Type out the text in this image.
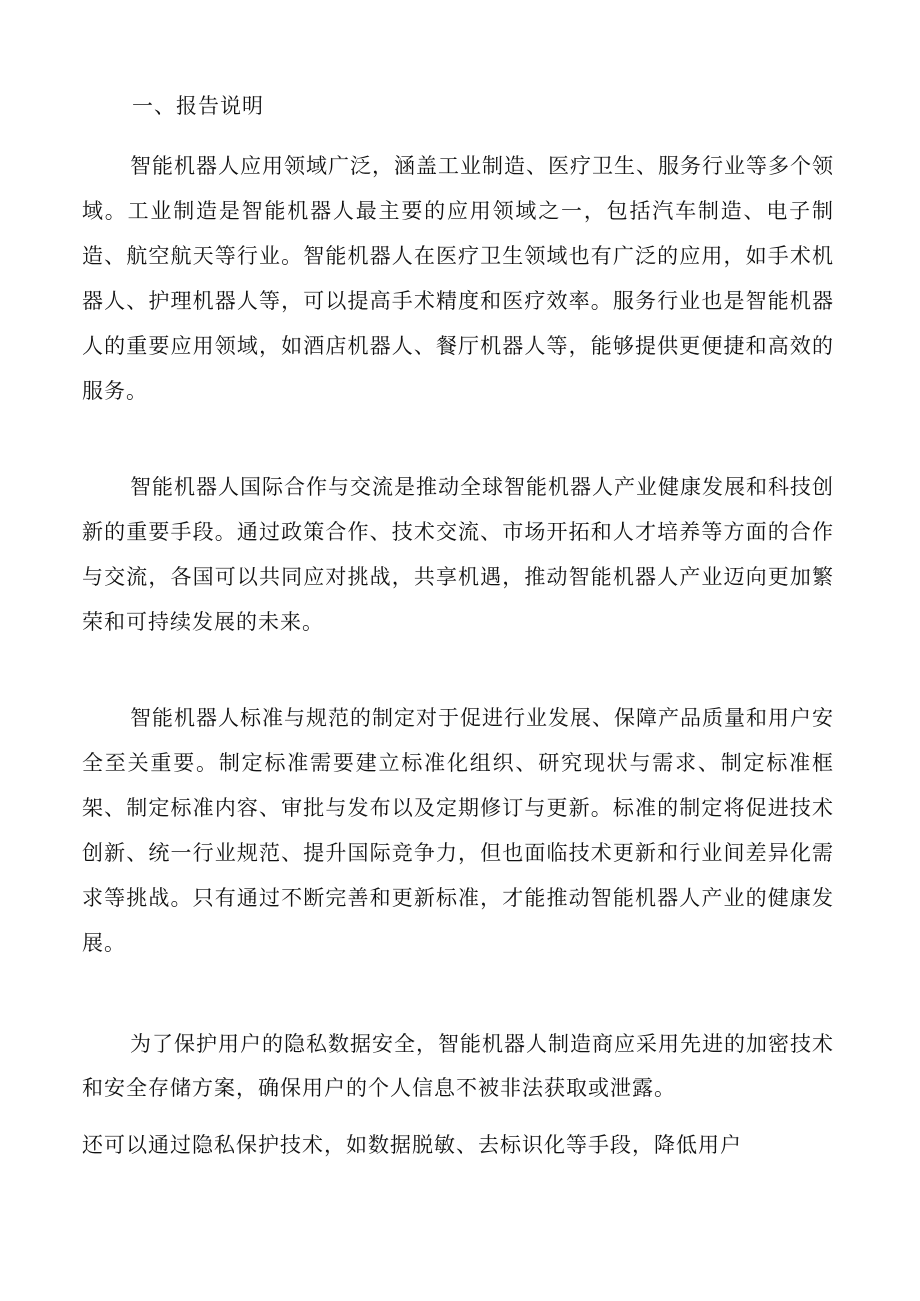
一、报告说明

智能机器人应用领域广泛，涵盖工业制造、医疗卫生、服务行业等多个领域。工业制造是智能机器人最主要的应用领域之一，包括汽车制造、电子制造、航空航天等行业。智能机器人在医疗卫生领域也有广泛的应用，如手术机器人、护理机器人等，可以提高手术精度和医疗效率。服务行业也是智能机器人的重要应用领域，如酒店机器人、餐厅机器人等，能够提供更便捷和高效的服务。

智能机器人国际合作与交流是推动全球智能机器人产业健康发展和科技创新的重要手段。通过政策合作、技术交流、市场开拓和人才培养等方面的合作与交流，各国可以共同应对挑战，共享机遇，推动智能机器人产业迈向更加繁荣和可持续发展的未来。

智能机器人标准与规范的制定对于促进行业发展、保障产品质量和用户安全至关重要。制定标准需要建立标准化组织、研究现状与需求、制定标准框架、制定标准内容、审批与发布以及定期修订与更新。标准的制定将促进技术创新、统一行业规范、提升国际竞争力，但也面临技术更新和行业间差异化需求等挑战。只有通过不断完善和更新标准，才能推动智能机器人产业的健康发展。

为了保护用户的隐私数据安全，智能机器人制造商应采用先进的加密技术和安全存储方案，确保用户的个人信息不被非法获取或泄露。

还可以通过隐私保护技术，如数据脱敏、去标识化等手段，降低用户
